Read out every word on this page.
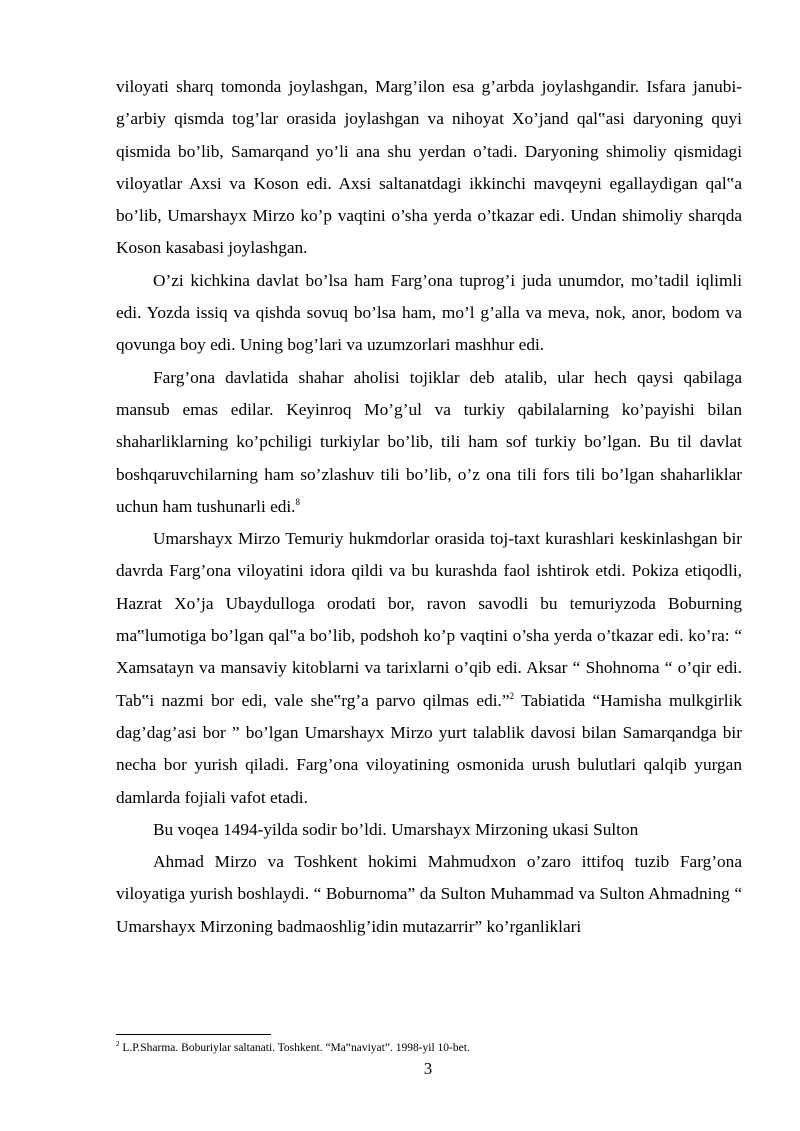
viloyati sharq tomonda joylashgan, Marg’ilon esa g’arbda joylashgandir. Isfara janubi- g’arbiy qismda tog’lar orasida joylashgan va nihoyat Xo’jand qal‟asi daryoning quyi qismida bo’lib, Samarqand yo’li ana shu yerdan o’tadi. Daryoning shimoliy qismidagi viloyatlar Axsi va Koson edi. Axsi saltanatdagi ikkinchi mavqeyni egallaydigan qal‟a bo’lib, Umarshayx Mirzo ko’p vaqtini o’sha yerda o’tkazar edi. Undan shimoliy sharqda Koson kasabasi joylashgan.

O’zi kichkina davlat bo’lsa ham Farg’ona tuprog’i juda unumdor, mo’tadil iqlimli edi. Yozda issiq va qishda sovuq bo’lsa ham, mo’l g’alla va meva, nok, anor, bodom va qovunga boy edi. Uning bog’lari va uzumzorlari mashhur edi.

Farg’ona davlatida shahar aholisi tojiklar deb atalib, ular hech qaysi qabilaga mansub emas edilar. Keyinroq Mo’g’ul va turkiy qabilalarning ko’payishi bilan shaharliklarning ko’pchiligi turkiylar bo’lib, tili ham sof turkiy bo’lgan. Bu til davlat boshqaruvchilarning ham so’zlashuv tili bo’lib, o’z ona tili fors tili bo’lgan shaharliklar uchun ham tushunarli edi.$^8$

Umarshayx Mirzo Temuriy hukmdorlar orasida toj-taxt kurashlari keskinlashgan bir davrda Farg’ona viloyatini idora qildi va bu kurashda faol ishtirok etdi. Pokiza etiqodli, Hazrat Xo’ja Ubaydulloga orodati bor, ravon savodli bu temuriyzoda Boburning ma‟lumotiga bo’lgan qal‟a bo’lib, podshoh ko’p vaqtini o’sha yerda o’tkazar edi. ko’ra: “ Xamsatayn va mansaviy kitoblarni va tarixlarni o’qib edi. Aksar “ Shohnoma “ o’qir edi. Tab‟i nazmi bor edi, vale she‟rg’a parvo qilmas edi.”$^2$ Tabiatida “Hamisha mulkgirlik dag’dag’asi bor ” bo’lgan Umarshayx Mirzo yurt talablik davosi bilan Samarqandga bir necha bor yurish qiladi. Farg’ona viloyatining osmonida urush bulutlari qalqib yurgan damlarda fojiali vafot etadi.

Bu voqea 1494-yilda sodir bo’ldi. Umarshayx Mirzoning ukasi Sulton

Ahmad Mirzo va Toshkent hokimi Mahmudxon o’zaro ittifoq tuzib Farg’ona viloyatiga yurish boshlaydi. “ Boburnoma” da Sulton Muhammad va Sulton Ahmadning “ Umarshayx Mirzoning badmaoshlig’idin mutazarrir” ko’rganliklari

$^2$ L.P.Sharma. Boburiylar saltanati. Toshkent. “Ma‟naviyat”. 1998-yil 10-bet.
3
